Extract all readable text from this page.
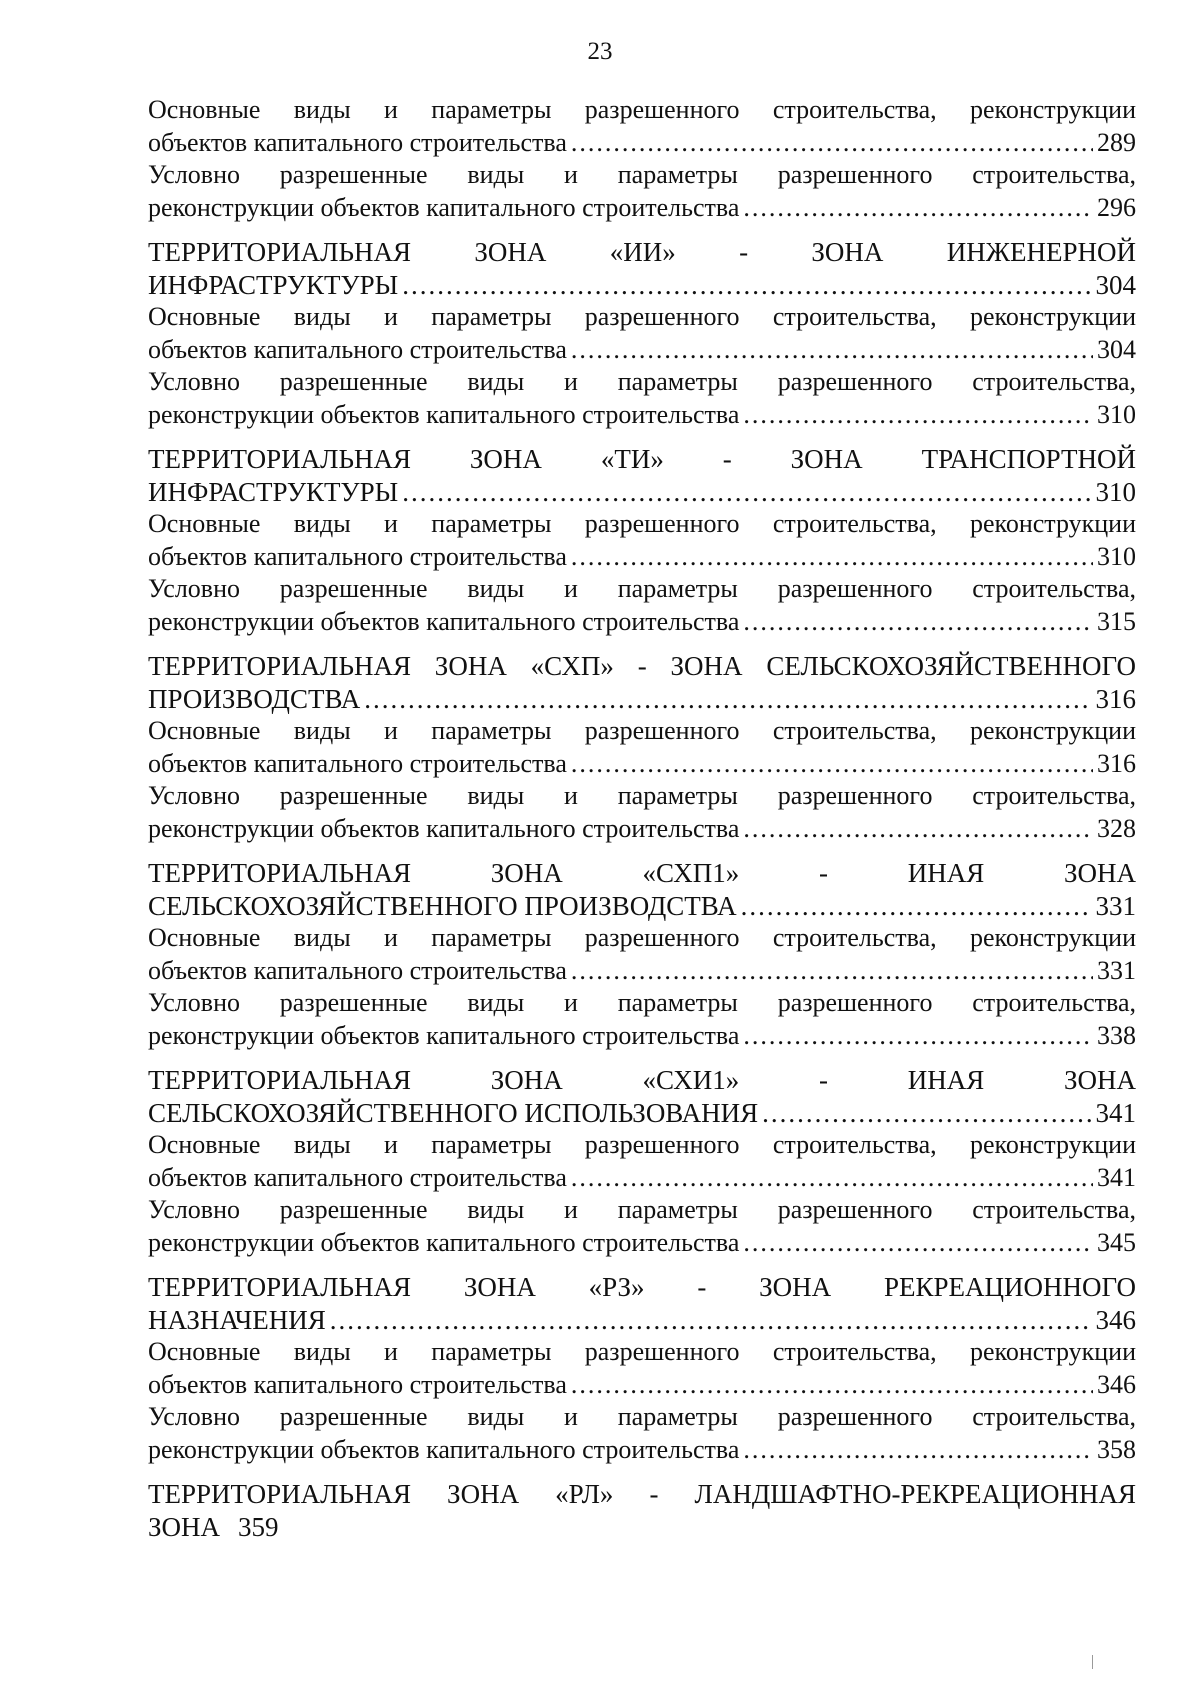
23
Основные виды и параметры разрешенного строительства, реконструкции
объектов капитального строительства .....	289
Условно разрешенные виды и параметры разрешенного строительства,
реконструкции объектов капитального строительства .....	296
ТЕРРИТОРИАЛЬНАЯ ЗОНА «ИИ» - ЗОНА ИНЖЕНЕРНОЙ
ИНФРАСТРУКТУРЫ .....	304
Основные виды и параметры разрешенного строительства, реконструкции
объектов капитального строительства .....	304
Условно разрешенные виды и параметры разрешенного строительства,
реконструкции объектов капитального строительства .....	310
ТЕРРИТОРИАЛЬНАЯ ЗОНА «ТИ» - ЗОНА ТРАНСПОРТНОЙ
ИНФРАСТРУКТУРЫ .....	310
Основные виды и параметры разрешенного строительства, реконструкции
объектов капитального строительства .....	310
Условно разрешенные виды и параметры разрешенного строительства,
реконструкции объектов капитального строительства .....	315
ТЕРРИТОРИАЛЬНАЯ ЗОНА «СХП» - ЗОНА СЕЛЬСКОХОЗЯЙСТВЕННОГО
ПРОИЗВОДСТВА .....	316
Основные виды и параметры разрешенного строительства, реконструкции
объектов капитального строительства .....	316
Условно разрешенные виды и параметры разрешенного строительства,
реконструкции объектов капитального строительства .....	328
ТЕРРИТОРИАЛЬНАЯ	ЗОНА	«СХП1»	-	ИНАЯ	ЗОНА
СЕЛЬСКОХОЗЯЙСТВЕННОГО ПРОИЗВОДСТВА .....	331
Основные виды и параметры разрешенного строительства, реконструкции
объектов капитального строительства .....	331
Условно разрешенные виды и параметры разрешенного строительства,
реконструкции объектов капитального строительства .....	338
ТЕРРИТОРИАЛЬНАЯ	ЗОНА	«СХИ1»	-	ИНАЯ	ЗОНА
СЕЛЬСКОХОЗЯЙСТВЕННОГО ИСПОЛЬЗОВАНИЯ .....	341
Основные виды и параметры разрешенного строительства, реконструкции
объектов капитального строительства .....	341
Условно разрешенные виды и параметры разрешенного строительства,
реконструкции объектов капитального строительства .....	345
ТЕРРИТОРИАЛЬНАЯ ЗОНА «РЗ» - ЗОНА РЕКРЕАЦИОННОГО
НАЗНАЧЕНИЯ .....	346
Основные виды и параметры разрешенного строительства, реконструкции
объектов капитального строительства .....	346
Условно разрешенные виды и параметры разрешенного строительства,
реконструкции объектов капитального строительства .....	358
ТЕРРИТОРИАЛЬНАЯ ЗОНА «РЛ» - ЛАНДШАФТНО-РЕКРЕАЦИОННАЯ
ЗОНА 359
